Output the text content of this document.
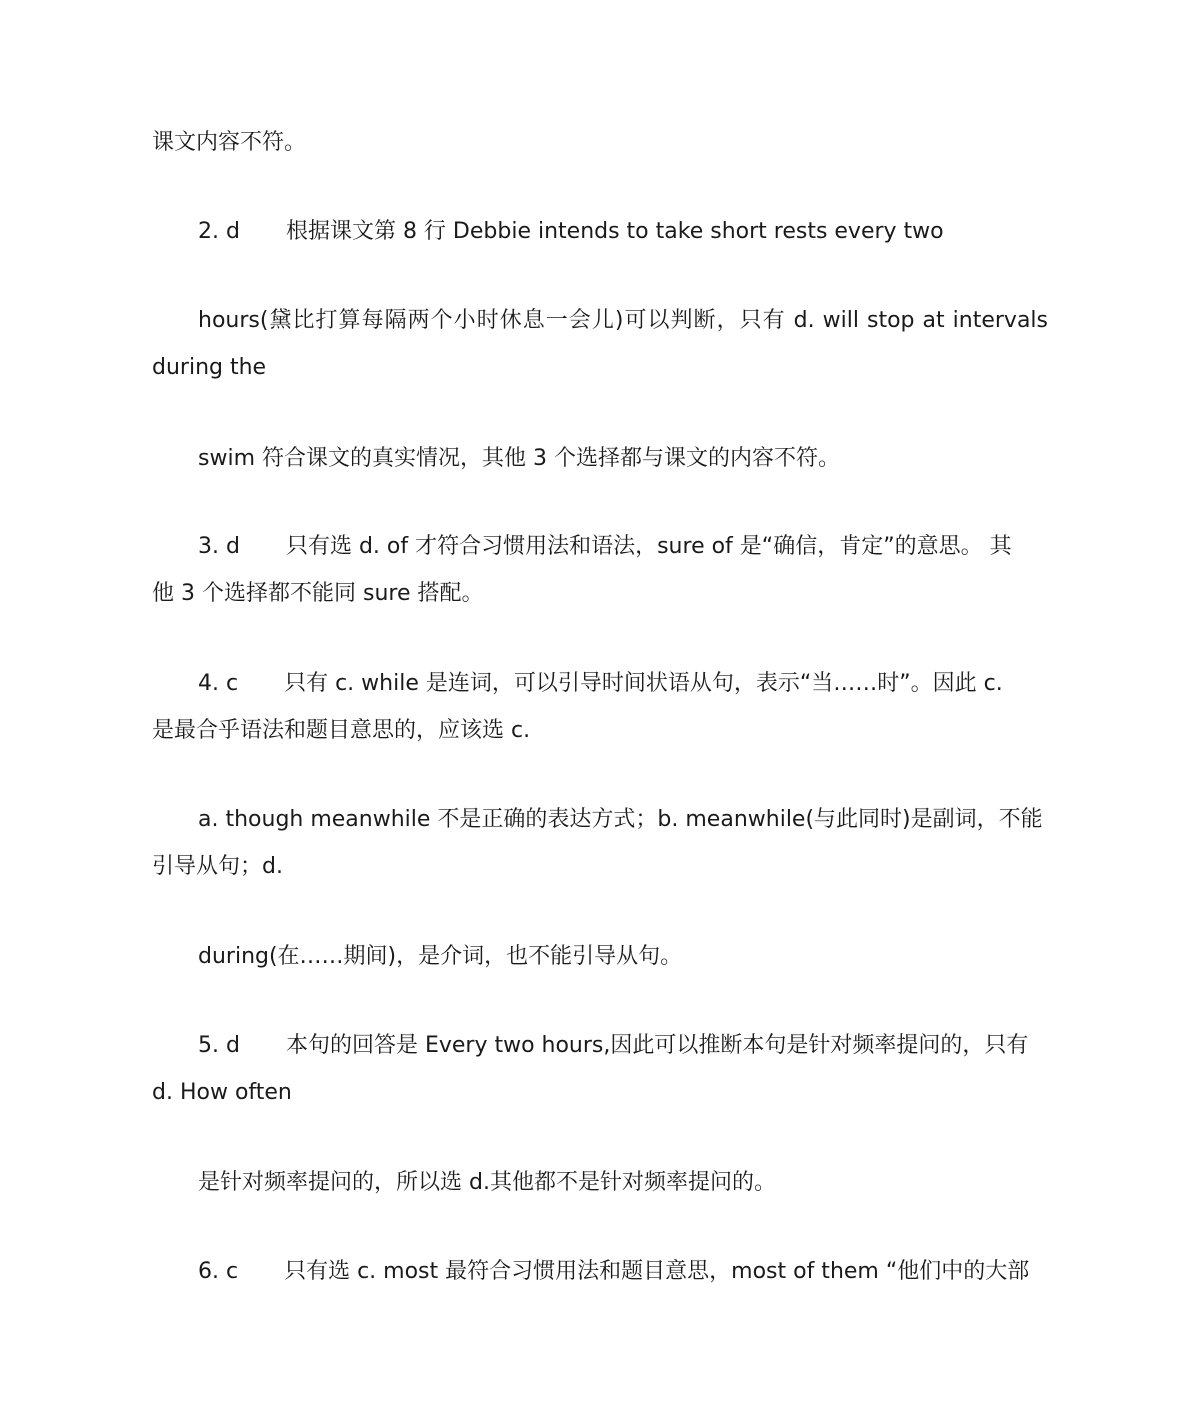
课文内容不符。
2. d 根据课文第 8 行 Debbie intends to take short rests every two
hours(黛比打算每隔两个小时休息一会儿)可以判断，只有 d. will stop at intervals
during the
swim 符合课文的真实情况，其他 3 个选择都与课文的内容不符。
3. d 只有选 d. of 才符合习惯用法和语法，sure of 是“确信，肯定”的意思。 其
他 3 个选择都不能同 sure 搭配。
4. c 只有 c. while 是连词，可以引导时间状语从句，表示“当……时”。因此 c.
是最合乎语法和题目意思的，应该选 c.
a. though meanwhile 不是正确的表达方式；b. meanwhile(与此同时)是副词，不能
引导从句；d.
during(在……期间)，是介词，也不能引导从句。
5. d 本句的回答是 Every two hours,因此可以推断本句是针对频率提问的，只有
d. How often
是针对频率提问的，所以选 d.其他都不是针对频率提问的。
6. c 只有选 c. most 最符合习惯用法和题目意思，most of them “他们中的大部
